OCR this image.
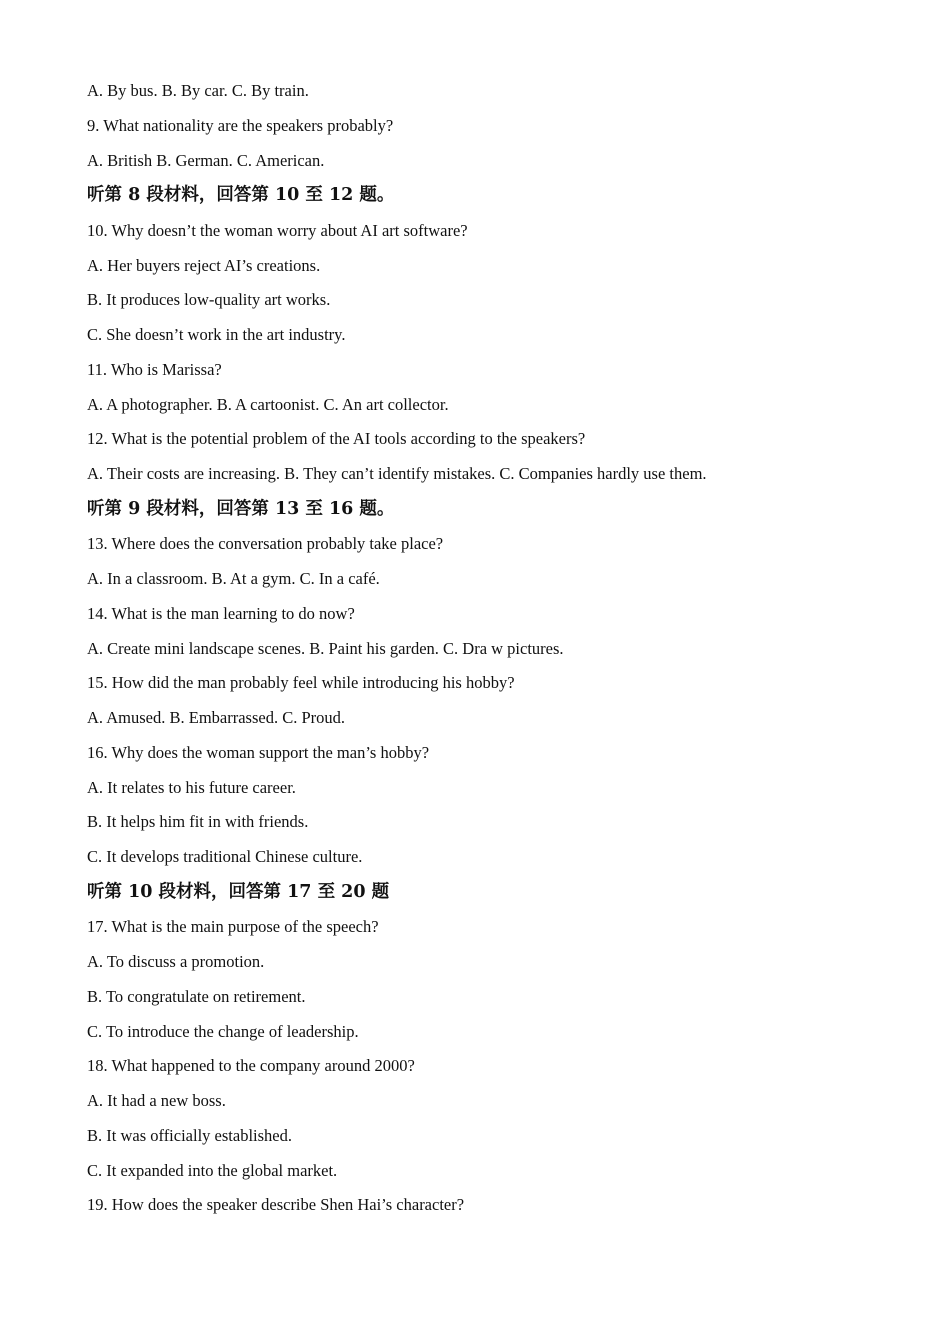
A. By bus. B. By car. C. By train.
9. What nationality are the speakers probably?
A. British B. German. C. American.
听第 8 段材料，回答第 10 至 12 题。
10. Why doesn’t the woman worry about AI art software?
A. Her buyers reject AI’s creations.
B. It produces low-quality art works.
C. She doesn’t work in the art industry.
11. Who is Marissa?
A. A photographer. B. A cartoonist. C. An art collector.
12. What is the potential problem of the AI tools according to the speakers?
A. Their costs are increasing. B. They can’t identify mistakes. C. Companies hardly use them.
听第 9 段材料，回答第 13 至 16 题。
13. Where does the conversation probably take place?
A. In a classroom. B. At a gym. C. In a café.
14. What is the man learning to do now?
A. Create mini landscape scenes. B. Paint his garden. C. Dra w pictures.
15. How did the man probably feel while introducing his hobby?
A. Amused. B. Embarrassed. C. Proud.
16. Why does the woman support the man’s hobby?
A. It relates to his future career.
B. It helps him fit in with friends.
C. It develops traditional Chinese culture.
听第 10 段材料，回答第 17 至 20 题
17. What is the main purpose of the speech?
A. To discuss a promotion.
B. To congratulate on retirement.
C. To introduce the change of leadership.
18. What happened to the company around 2000?
A. It had a new boss.
B. It was officially established.
C. It expanded into the global market.
19. How does the speaker describe Shen Hai’s character?
